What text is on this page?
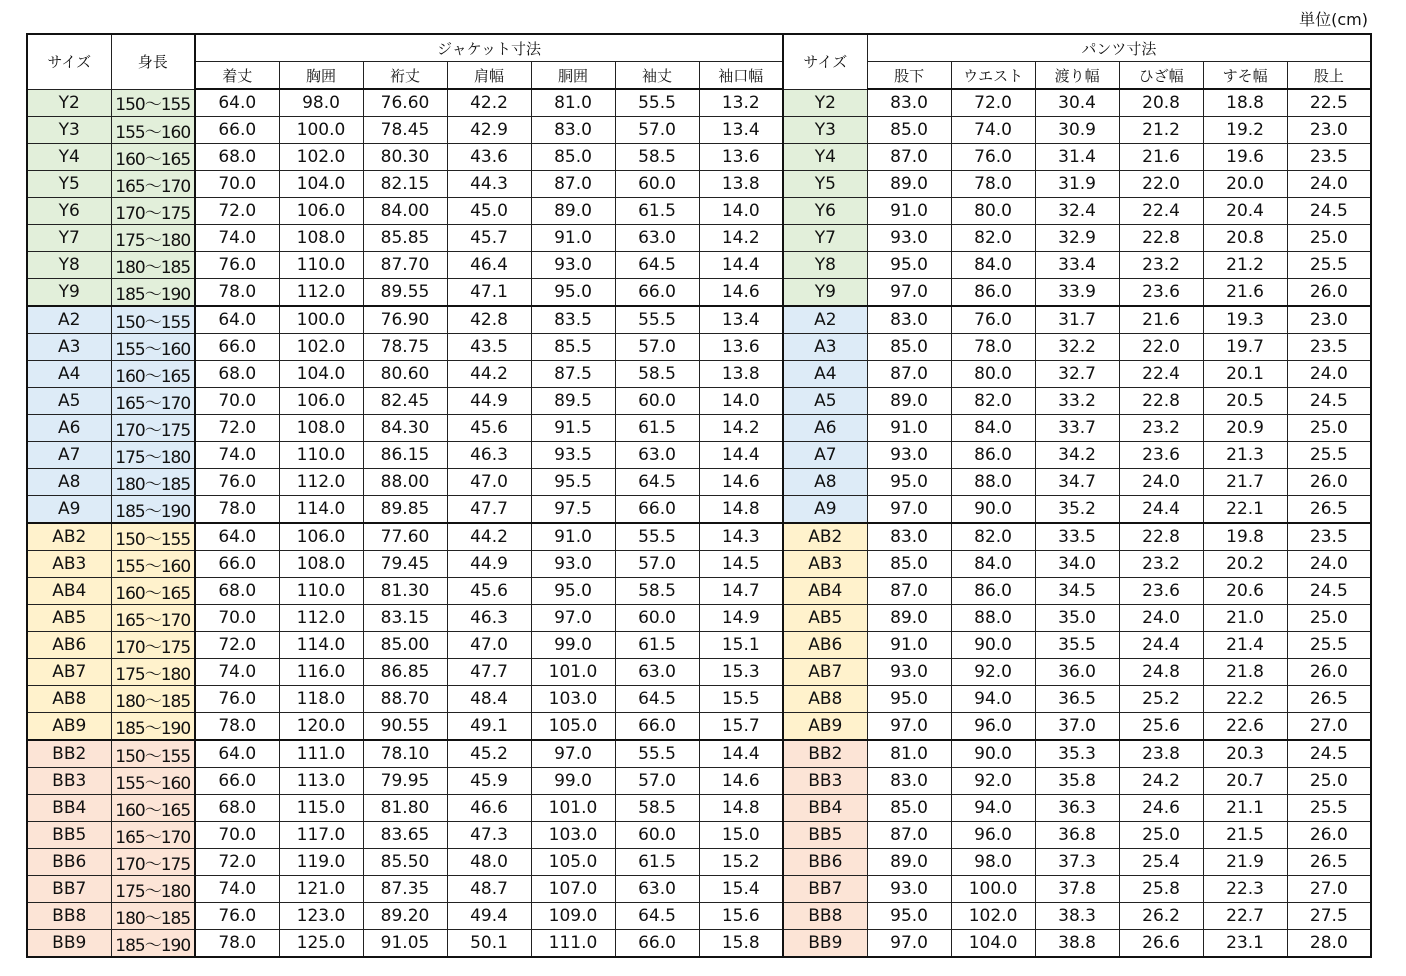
単位(cm)
サイズ	身長	ジャケット寸法							サイズ	パンツ寸法					
		着丈	胸囲	裄丈	肩幅	胴囲	袖丈	袖口幅		股下	ウエスト	渡り幅	ひざ幅	すそ幅	股上
Y2	150～155	64.0	98.0	76.60	42.2	81.0	55.5	13.2	Y2	83.0	72.0	30.4	20.8	18.8	22.5
Y3	155～160	66.0	100.0	78.45	42.9	83.0	57.0	13.4	Y3	85.0	74.0	30.9	21.2	19.2	23.0
Y4	160～165	68.0	102.0	80.30	43.6	85.0	58.5	13.6	Y4	87.0	76.0	31.4	21.6	19.6	23.5
Y5	165～170	70.0	104.0	82.15	44.3	87.0	60.0	13.8	Y5	89.0	78.0	31.9	22.0	20.0	24.0
Y6	170～175	72.0	106.0	84.00	45.0	89.0	61.5	14.0	Y6	91.0	80.0	32.4	22.4	20.4	24.5
Y7	175～180	74.0	108.0	85.85	45.7	91.0	63.0	14.2	Y7	93.0	82.0	32.9	22.8	20.8	25.0
Y8	180～185	76.0	110.0	87.70	46.4	93.0	64.5	14.4	Y8	95.0	84.0	33.4	23.2	21.2	25.5
Y9	185～190	78.0	112.0	89.55	47.1	95.0	66.0	14.6	Y9	97.0	86.0	33.9	23.6	21.6	26.0
A2	150～155	64.0	100.0	76.90	42.8	83.5	55.5	13.4	A2	83.0	76.0	31.7	21.6	19.3	23.0
A3	155～160	66.0	102.0	78.75	43.5	85.5	57.0	13.6	A3	85.0	78.0	32.2	22.0	19.7	23.5
A4	160～165	68.0	104.0	80.60	44.2	87.5	58.5	13.8	A4	87.0	80.0	32.7	22.4	20.1	24.0
A5	165～170	70.0	106.0	82.45	44.9	89.5	60.0	14.0	A5	89.0	82.0	33.2	22.8	20.5	24.5
A6	170～175	72.0	108.0	84.30	45.6	91.5	61.5	14.2	A6	91.0	84.0	33.7	23.2	20.9	25.0
A7	175～180	74.0	110.0	86.15	46.3	93.5	63.0	14.4	A7	93.0	86.0	34.2	23.6	21.3	25.5
A8	180～185	76.0	112.0	88.00	47.0	95.5	64.5	14.6	A8	95.0	88.0	34.7	24.0	21.7	26.0
A9	185～190	78.0	114.0	89.85	47.7	97.5	66.0	14.8	A9	97.0	90.0	35.2	24.4	22.1	26.5
AB2	150～155	64.0	106.0	77.60	44.2	91.0	55.5	14.3	AB2	83.0	82.0	33.5	22.8	19.8	23.5
AB3	155～160	66.0	108.0	79.45	44.9	93.0	57.0	14.5	AB3	85.0	84.0	34.0	23.2	20.2	24.0
AB4	160～165	68.0	110.0	81.30	45.6	95.0	58.5	14.7	AB4	87.0	86.0	34.5	23.6	20.6	24.5
AB5	165～170	70.0	112.0	83.15	46.3	97.0	60.0	14.9	AB5	89.0	88.0	35.0	24.0	21.0	25.0
AB6	170～175	72.0	114.0	85.00	47.0	99.0	61.5	15.1	AB6	91.0	90.0	35.5	24.4	21.4	25.5
AB7	175～180	74.0	116.0	86.85	47.7	101.0	63.0	15.3	AB7	93.0	92.0	36.0	24.8	21.8	26.0
AB8	180～185	76.0	118.0	88.70	48.4	103.0	64.5	15.5	AB8	95.0	94.0	36.5	25.2	22.2	26.5
AB9	185～190	78.0	120.0	90.55	49.1	105.0	66.0	15.7	AB9	97.0	96.0	37.0	25.6	22.6	27.0
BB2	150～155	64.0	111.0	78.10	45.2	97.0	55.5	14.4	BB2	81.0	90.0	35.3	23.8	20.3	24.5
BB3	155～160	66.0	113.0	79.95	45.9	99.0	57.0	14.6	BB3	83.0	92.0	35.8	24.2	20.7	25.0
BB4	160～165	68.0	115.0	81.80	46.6	101.0	58.5	14.8	BB4	85.0	94.0	36.3	24.6	21.1	25.5
BB5	165～170	70.0	117.0	83.65	47.3	103.0	60.0	15.0	BB5	87.0	96.0	36.8	25.0	21.5	26.0
BB6	170～175	72.0	119.0	85.50	48.0	105.0	61.5	15.2	BB6	89.0	98.0	37.3	25.4	21.9	26.5
BB7	175～180	74.0	121.0	87.35	48.7	107.0	63.0	15.4	BB7	93.0	100.0	37.8	25.8	22.3	27.0
BB8	180～185	76.0	123.0	89.20	49.4	109.0	64.5	15.6	BB8	95.0	102.0	38.3	26.2	22.7	27.5
BB9	185～190	78.0	125.0	91.05	50.1	111.0	66.0	15.8	BB9	97.0	104.0	38.8	26.6	23.1	28.0
